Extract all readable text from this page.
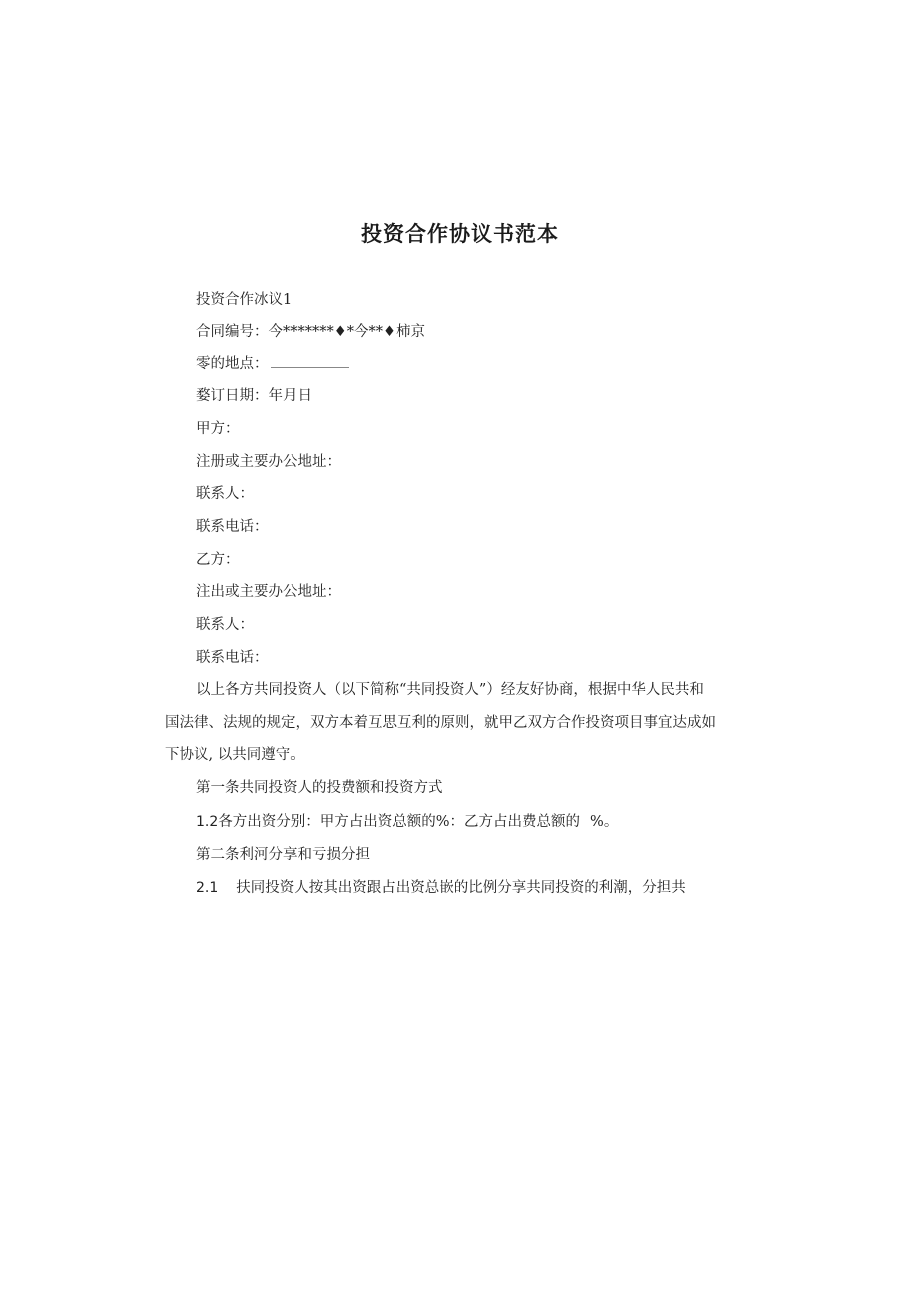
投资合作协议书范本
投资合作冰议1
合同编号：今*******♦*今**♦柿京
零的地点：
婺订日期：年月日
甲方：
注册或主要办公地址：
联系人：
联系电话：
乙方：
注出或主要办公地址：
联系人：
联系电话：
以上各方共同投资人（以下简称“共同投资人”）经友好协商，根据中华人民共和
国法律、法规的规定，双方本着互思互利的原则，就甲乙双方合作投资项目事宜达成如
下协议, 以共同遵守。
第一条共同投资人的投费额和投资方式
1.2各方出资分别：甲方占出资总额的%：乙方占出费总额的 %。
第二条利河分享和亏损分担
2.1 扶同投资人按其出资跟占出资总嵌的比例分享共同投资的利潮，分担共
